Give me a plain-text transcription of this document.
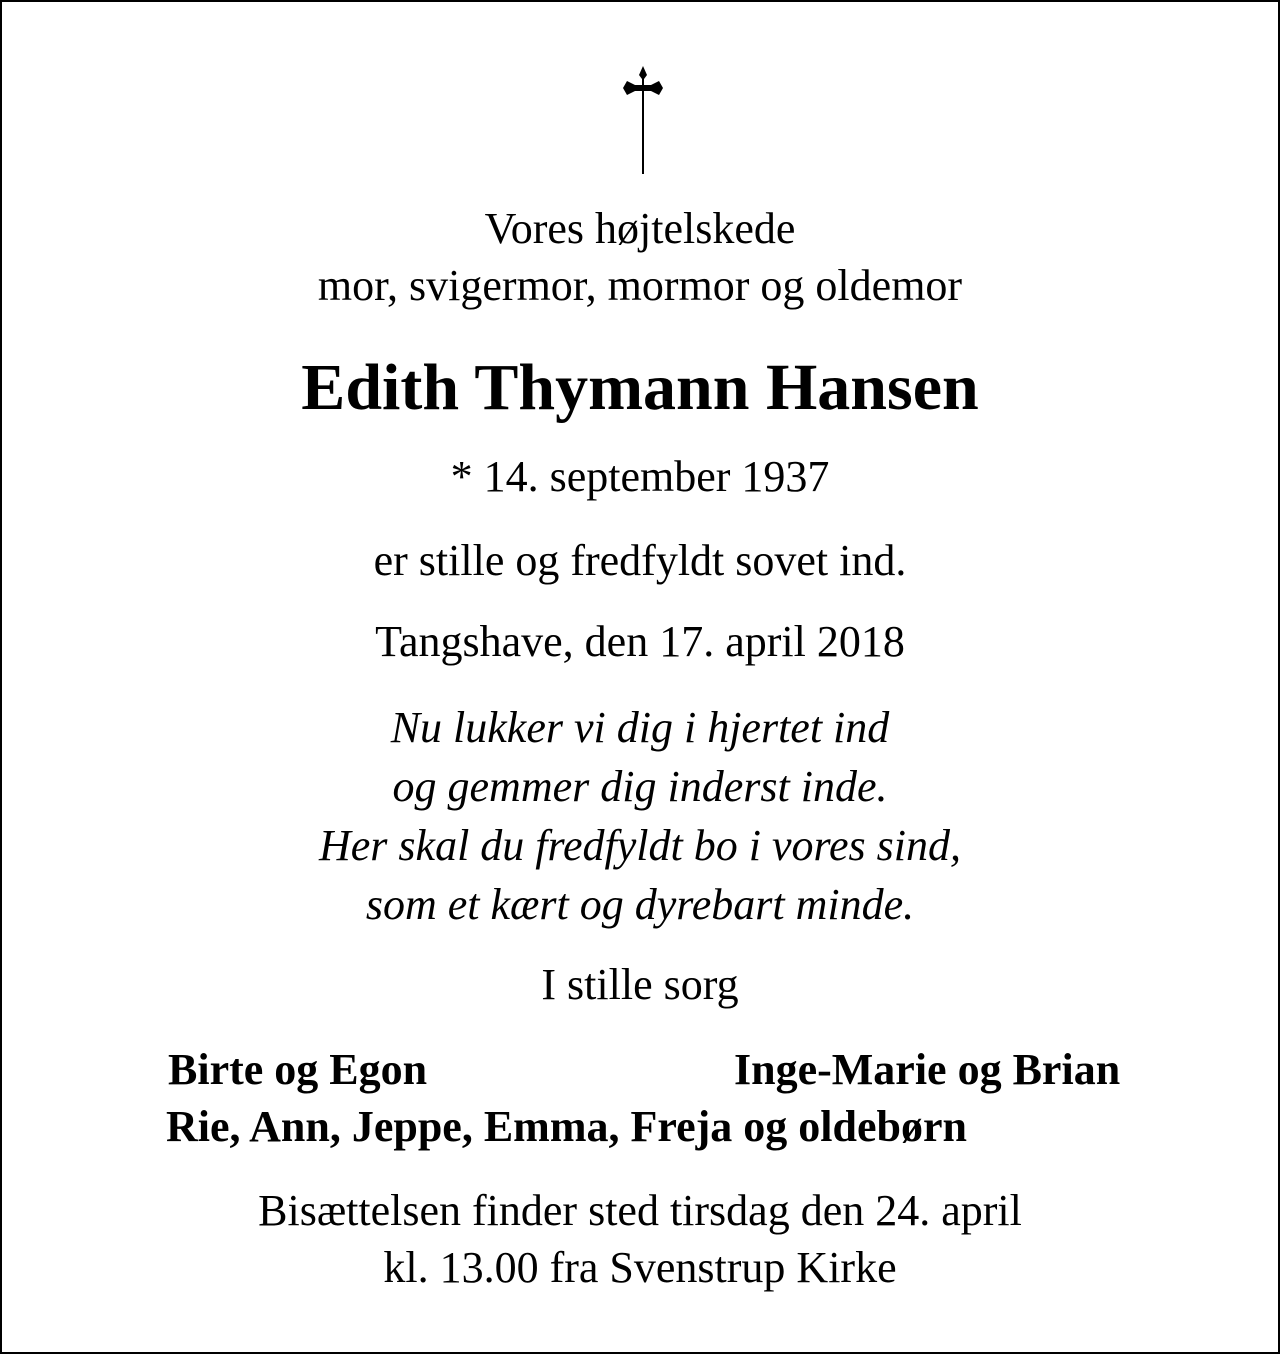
Vores højtelskede
mor, svigermor, mormor og oldemor
Edith Thymann Hansen
* 14. september 1937
er stille og fredfyldt sovet ind.
Tangshave, den 17. april 2018
Nu lukker vi dig i hjertet ind
og gemmer dig inderst inde.
Her skal du fredfyldt bo i vores sind,
som et kært og dyrebart minde.
I stille sorg
Birte og Egon	Inge-Marie og Brian
Rie, Ann, Jeppe, Emma, Freja og oldebørn
Bisættelsen finder sted tirsdag den 24. april
kl. 13.00 fra Svenstrup Kirke
